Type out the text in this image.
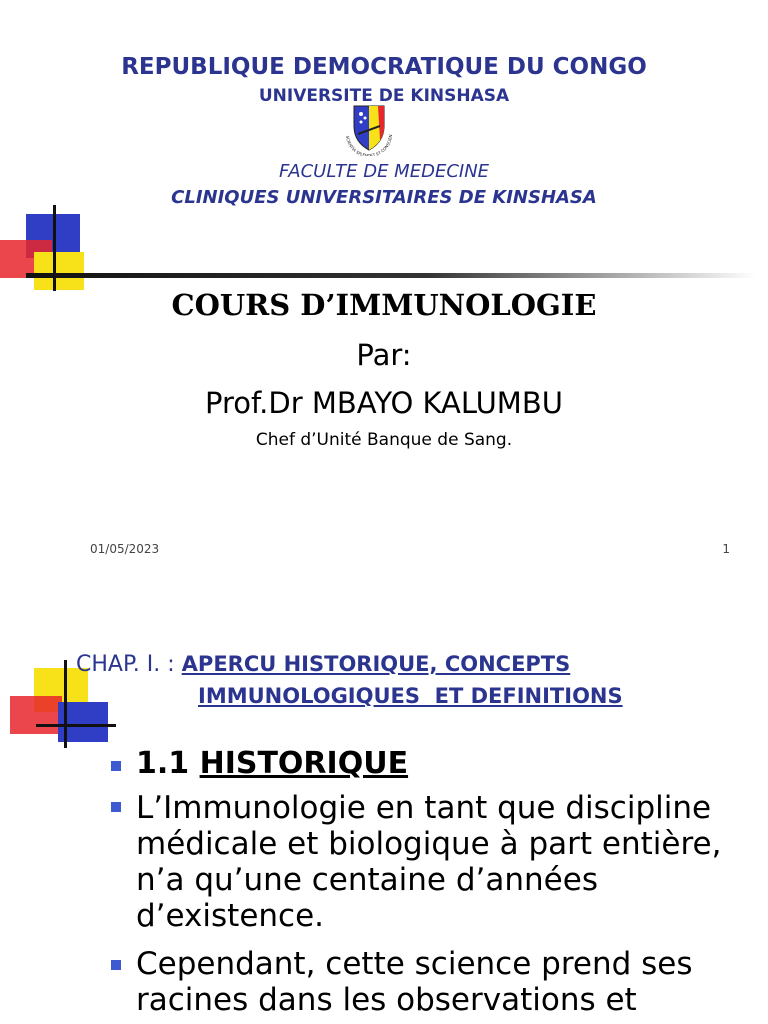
REPUBLIQUE DEMOCRATIQUE DU CONGO
UNIVERSITE DE KINSHASA
SCIENTIA SPLENDET ET CONSCIEN
FACULTE DE MEDECINE
CLINIQUES UNIVERSITAIRES DE KINSHASA
COURS D’IMMUNOLOGIE
Par:
Prof.Dr MBAYO KALUMBU
Chef d’Unité Banque de Sang.
01/05/2023	1
CHAP. I. : APERCU HISTORIQUE, CONCEPTS
IMMUNOLOGIQUES  ET DEFINITIONS
1.1 HISTORIQUE
L’Immunologie en tant que discipline
médicale et biologique à part entière,
n’a qu’une centaine d’années
d’existence.
Cependant, cette science prend ses
racines dans les observations et
